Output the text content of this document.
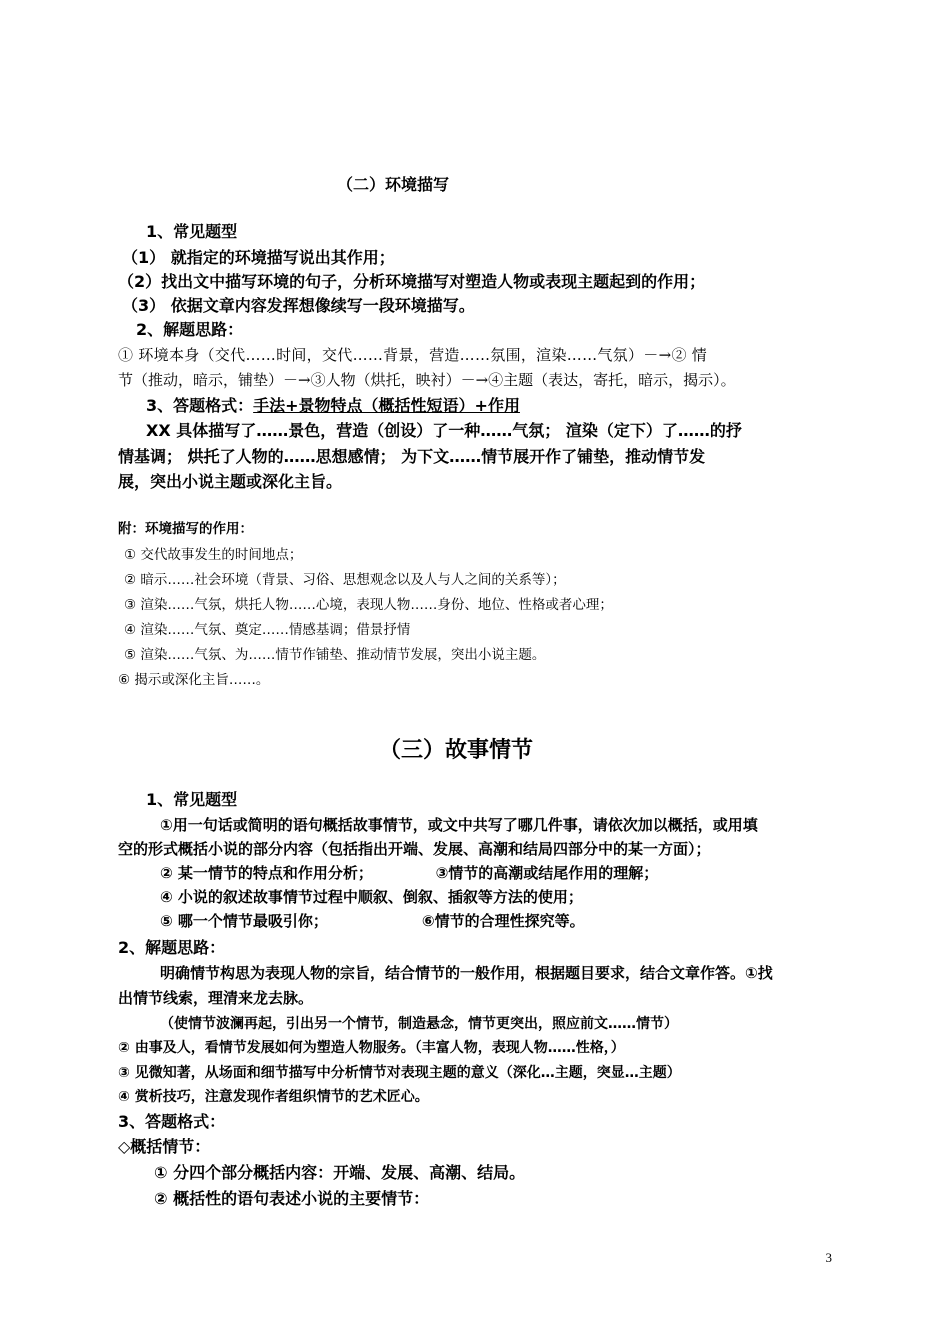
（二）环境描写
1、常见题型
（1） 就指定的环境描写说出其作用；
（2）找出文中描写环境的句子，分析环境描写对塑造人物或表现主题起到的作用；
（3） 依据文章内容发挥想像续写一段环境描写。
2、解题思路：
① 环境本身（交代……时间，交代……背景，营造……氛围，渲染……气氛）－→② 情
节（推动，暗示，铺垫）－→③人物（烘托，映衬）－→④主题（表达，寄托，暗示，揭示）。
3、答题格式：手法+景物特点（概括性短语）+作用
XX 具体描写了……景色，营造（创设）了一种……气氛； 渲染（定下）了……的抒
情基调； 烘托了人物的……思想感情； 为下文……情节展开作了铺垫，推动情节发
展，突出小说主题或深化主旨。
附：环境描写的作用：
① 交代故事发生的时间地点；
② 暗示……社会环境（背景、习俗、思想观念以及人与人之间的关系等）；
③ 渲染……气氛，烘托人物……心境，表现人物……身份、地位、性格或者心理；
④ 渲染……气氛、奠定……情感基调；借景抒情
⑤ 渲染……气氛、为……情节作铺垫、推动情节发展，突出小说主题。
⑥ 揭示或深化主旨……。
（三）故事情节
1、常见题型
①用一句话或简明的语句概括故事情节，或文中共写了哪几件事，请依次加以概括，或用填
空的形式概括小说的部分内容（包括指出开端、发展、高潮和结局四部分中的某一方面）；
② 某一情节的特点和作用分析；            ③情节的高潮或结尾作用的理解；
④ 小说的叙述故事情节过程中顺叙、倒叙、插叙等方法的使用；
⑤ 哪一个情节最吸引你；                  ⑥情节的合理性探究等。
2、解题思路：
明确情节构思为表现人物的宗旨，结合情节的一般作用，根据题目要求，结合文章作答。①找
出情节线索，理清来龙去脉。
（使情节波澜再起，引出另一个情节，制造悬念，情节更突出，照应前文……情节）
② 由事及人，看情节发展如何为塑造人物服务。（丰富人物，表现人物……性格，）
③ 见微知著，从场面和细节描写中分析情节对表现主题的意义（深化…主题，突显…主题）
④ 赏析技巧，注意发现作者组织情节的艺术匠心。
3、答题格式：
◇概括情节：
① 分四个部分概括内容：开端、发展、高潮、结局。
② 概括性的语句表述小说的主要情节：
3
